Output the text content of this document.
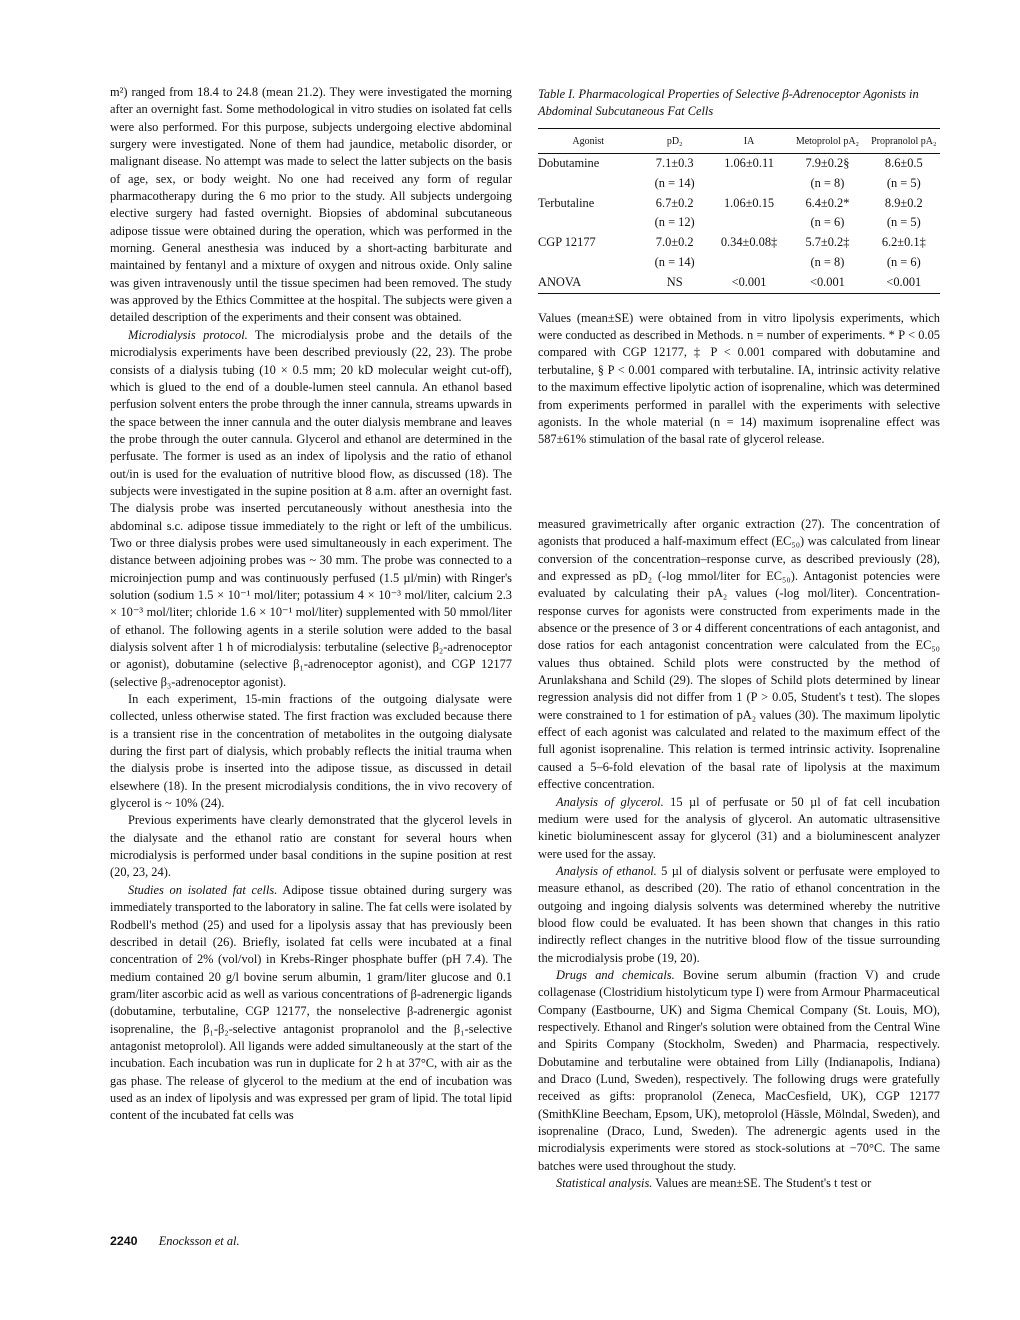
m²) ranged from 18.4 to 24.8 (mean 21.2). They were investigated the morning after an overnight fast. Some methodological in vitro studies on isolated fat cells were also performed. For this purpose, subjects undergoing elective abdominal surgery were investigated. None of them had jaundice, metabolic disorder, or malignant disease. No attempt was made to select the latter subjects on the basis of age, sex, or body weight. No one had received any form of regular pharmacotherapy during the 6 mo prior to the study. All subjects undergoing elective surgery had fasted overnight. Biopsies of abdominal subcutaneous adipose tissue were obtained during the operation, which was performed in the morning. General anesthesia was induced by a short-acting barbiturate and maintained by fentanyl and a mixture of oxygen and nitrous oxide. Only saline was given intravenously until the tissue specimen had been removed. The study was approved by the Ethics Committee at the hospital. The subjects were given a detailed description of the experiments and their consent was obtained.

Microdialysis protocol. The microdialysis probe and the details of the microdialysis experiments have been described previously (22, 23). The probe consists of a dialysis tubing (10 × 0.5 mm; 20 kD molecular weight cut-off), which is glued to the end of a double-lumen steel cannula. An ethanol based perfusion solvent enters the probe through the inner cannula, streams upwards in the space between the inner cannula and the outer dialysis membrane and leaves the probe through the outer cannula. Glycerol and ethanol are determined in the perfusate. The former is used as an index of lipolysis and the ratio of ethanol out/in is used for the evaluation of nutritive blood flow, as discussed (18). The subjects were investigated in the supine position at 8 a.m. after an overnight fast. The dialysis probe was inserted percutaneously without anesthesia into the abdominal s.c. adipose tissue immediately to the right or left of the umbilicus. Two or three dialysis probes were used simultaneously in each experiment. The distance between adjoining probes was ~ 30 mm. The probe was connected to a microinjection pump and was continuously perfused (1.5 µl/min) with Ringer's solution (sodium 1.5 × 10⁻¹ mol/liter; potassium 4 × 10⁻³ mol/liter, calcium 2.3 × 10⁻³ mol/liter; chloride 1.6 × 10⁻¹ mol/liter) supplemented with 50 mmol/liter of ethanol. The following agents in a sterile solution were added to the basal dialysis solvent after 1 h of microdialysis: terbutaline (selective β₂-adrenoceptor or agonist), dobutamine (selective β₁-adrenoceptor agonist), and CGP 12177 (selective β₃-adrenoceptor agonist).

In each experiment, 15-min fractions of the outgoing dialysate were collected, unless otherwise stated. The first fraction was excluded because there is a transient rise in the concentration of metabolites in the outgoing dialysate during the first part of dialysis, which probably reflects the initial trauma when the dialysis probe is inserted into the adipose tissue, as discussed in detail elsewhere (18). In the present microdialysis conditions, the in vivo recovery of glycerol is ~ 10% (24).

Previous experiments have clearly demonstrated that the glycerol levels in the dialysate and the ethanol ratio are constant for several hours when microdialysis is performed under basal conditions in the supine position at rest (20, 23, 24).

Studies on isolated fat cells. Adipose tissue obtained during surgery was immediately transported to the laboratory in saline. The fat cells were isolated by Rodbell's method (25) and used for a lipolysis assay that has previously been described in detail (26). Briefly, isolated fat cells were incubated at a final concentration of 2% (vol/vol) in Krebs-Ringer phosphate buffer (pH 7.4). The medium contained 20 g/l bovine serum albumin, 1 gram/liter glucose and 0.1 gram/liter ascorbic acid as well as various concentrations of β-adrenergic ligands (dobutamine, terbutaline, CGP 12177, the nonselective β-adrenergic agonist isoprenaline, the β₁-β₂-selective antagonist propranolol and the β₁-selective antagonist metoprolol). All ligands were added simultaneously at the start of the incubation. Each incubation was run in duplicate for 2 h at 37°C, with air as the gas phase. The release of glycerol to the medium at the end of incubation was used as an index of lipolysis and was expressed per gram of lipid. The total lipid content of the incubated fat cells was

Table I. Pharmacological Properties of Selective β-Adrenoceptor Agonists in Abdominal Subcutaneous Fat Cells

Agonist	pD₂	IA	Metoprolol pA₂	Propranolol pA₂
Dobutamine	7.1±0.3	1.06±0.11	7.9±0.2§	8.6±0.5
	(n = 14)		(n = 8)	(n = 5)
Terbutaline	6.7±0.2	1.06±0.15	6.4±0.2*	8.9±0.2
	(n = 12)		(n = 6)	(n = 5)
CGP 12177	7.0±0.2	0.34±0.08‡	5.7±0.2‡	6.2±0.1‡
	(n = 14)		(n = 8)	(n = 6)
ANOVA	NS	<0.001	<0.001	<0.001

Values (mean±SE) were obtained from in vitro lipolysis experiments, which were conducted as described in Methods. n = number of experiments. * P < 0.05 compared with CGP 12177, ‡ P < 0.001 compared with dobutamine and terbutaline, § P < 0.001 compared with terbutaline. IA, intrinsic activity relative to the maximum effective lipolytic action of isoprenaline, which was determined from experiments performed in parallel with the experiments with selective agonists. In the whole material (n = 14) maximum isoprenaline effect was 587±61% stimulation of the basal rate of glycerol release.

measured gravimetrically after organic extraction (27). The concentration of agonists that produced a half-maximum effect (EC₅₀) was calculated from linear conversion of the concentration–response curve, as described previously (28), and expressed as pD₂ (-log mmol/liter for EC₅₀). Antagonist potencies were evaluated by calculating their pA₂ values (-log mol/liter). Concentration-response curves for agonists were constructed from experiments made in the absence or the presence of 3 or 4 different concentrations of each antagonist, and dose ratios for each antagonist concentration were calculated from the EC₅₀ values thus obtained. Schild plots were constructed by the method of Arunlakshana and Schild (29). The slopes of Schild plots determined by linear regression analysis did not differ from 1 (P > 0.05, Student's t test). The slopes were constrained to 1 for estimation of pA₂ values (30). The maximum lipolytic effect of each agonist was calculated and related to the maximum effect of the full agonist isoprenaline. This relation is termed intrinsic activity. Isoprenaline caused a 5–6-fold elevation of the basal rate of lipolysis at the maximum effective concentration.

Analysis of glycerol. 15 µl of perfusate or 50 µl of fat cell incubation medium were used for the analysis of glycerol. An automatic ultrasensitive kinetic bioluminescent assay for glycerol (31) and a bioluminescent analyzer were used for the assay.

Analysis of ethanol. 5 µl of dialysis solvent or perfusate were employed to measure ethanol, as described (20). The ratio of ethanol concentration in the outgoing and ingoing dialysis solvents was determined whereby the nutritive blood flow could be evaluated. It has been shown that changes in this ratio indirectly reflect changes in the nutritive blood flow of the tissue surrounding the microdialysis probe (19, 20).

Drugs and chemicals. Bovine serum albumin (fraction V) and crude collagenase (Clostridium histolyticum type I) were from Armour Pharmaceutical Company (Eastbourne, UK) and Sigma Chemical Company (St. Louis, MO), respectively. Ethanol and Ringer's solution were obtained from the Central Wine and Spirits Company (Stockholm, Sweden) and Pharmacia, respectively. Dobutamine and terbutaline were obtained from Lilly (Indianapolis, Indiana) and Draco (Lund, Sweden), respectively. The following drugs were gratefully received as gifts: propranolol (Zeneca, MacCesfield, UK), CGP 12177 (SmithKline Beecham, Epsom, UK), metoprolol (Hässle, Mölndal, Sweden), and isoprenaline (Draco, Lund, Sweden). The adrenergic agents used in the microdialysis experiments were stored as stock-solutions at −70°C. The same batches were used throughout the study.

Statistical analysis. Values are mean±SE. The Student's t test or

2240 Enocksson et al.
